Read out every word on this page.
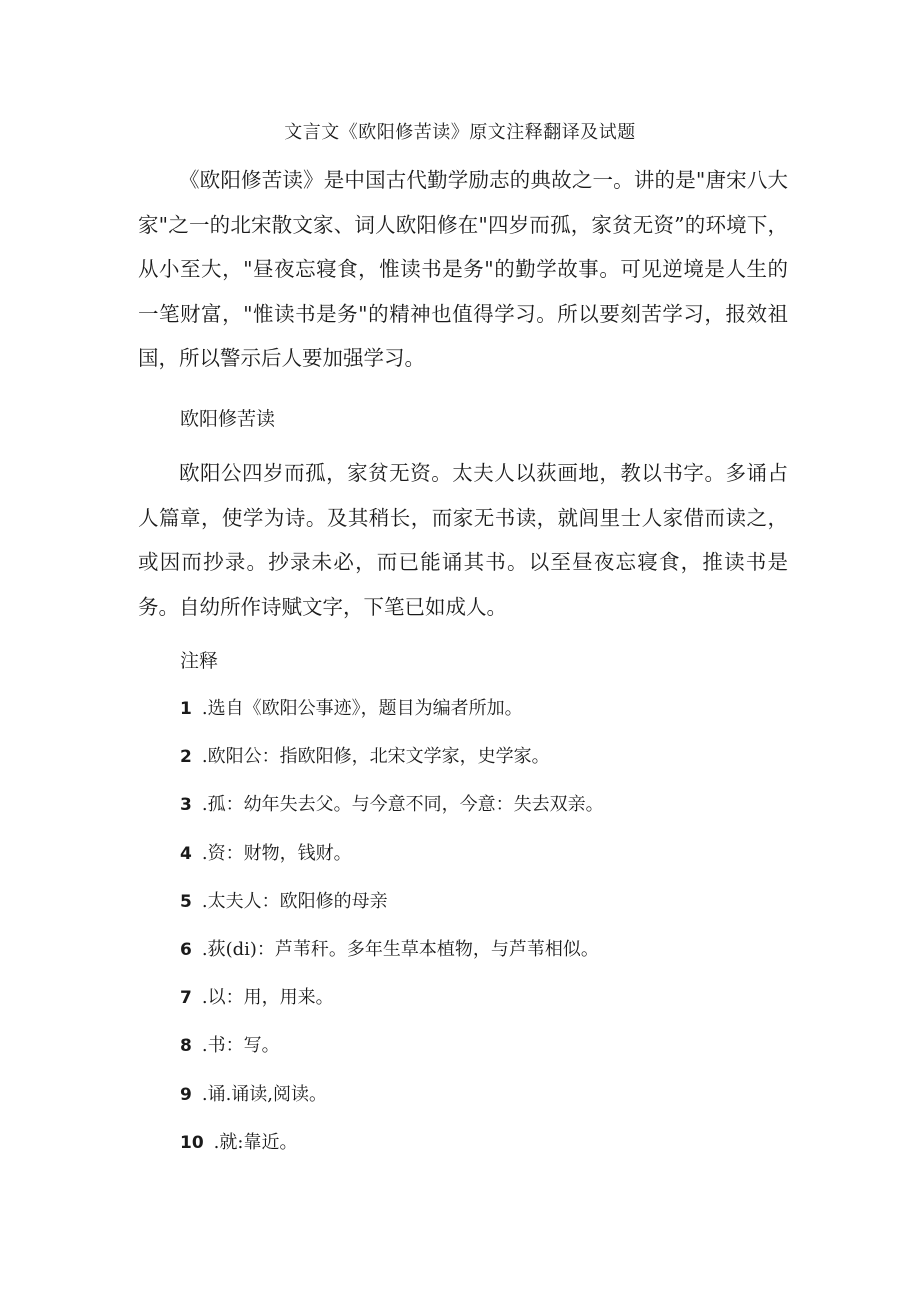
文言文《欧阳修苦读》原文注释翻译及试题

《欧阳修苦读》是中国古代勤学励志的典故之一。讲的是"唐宋八大家"之一的北宋散文家、词人欧阳修在"四岁而孤，家贫无资”的环境下，从小至大，"昼夜忘寝食，惟读书是务"的勤学故事。可见逆境是人生的一笔财富，"惟读书是务"的精神也值得学习。所以要刻苦学习，报效祖国，所以警示后人要加强学习。

欧阳修苦读

欧阳公四岁而孤，家贫无资。太夫人以荻画地，教以书字。多诵占人篇章，使学为诗。及其稍长，而家无书读，就闾里士人家借而读之，或因而抄录。抄录未必，而已能诵其书。以至昼夜忘寝食，推读书是务。自幼所作诗赋文字，下笔已如成人。

注释

1 .选自《欧阳公事迹》，题目为编者所加。
2 .欧阳公：指欧阳修，北宋文学家，史学家。
3 .孤：幼年失去父。与今意不同，今意：失去双亲。
4 .资：财物，钱财。
5 .太夫人：欧阳修的母亲
6 .荻(di)：芦苇秆。多年生草本植物，与芦苇相似。
7 .以：用，用来。
8 .书：写。
9 .诵.诵读,阅读。
10 .就:靠近。
